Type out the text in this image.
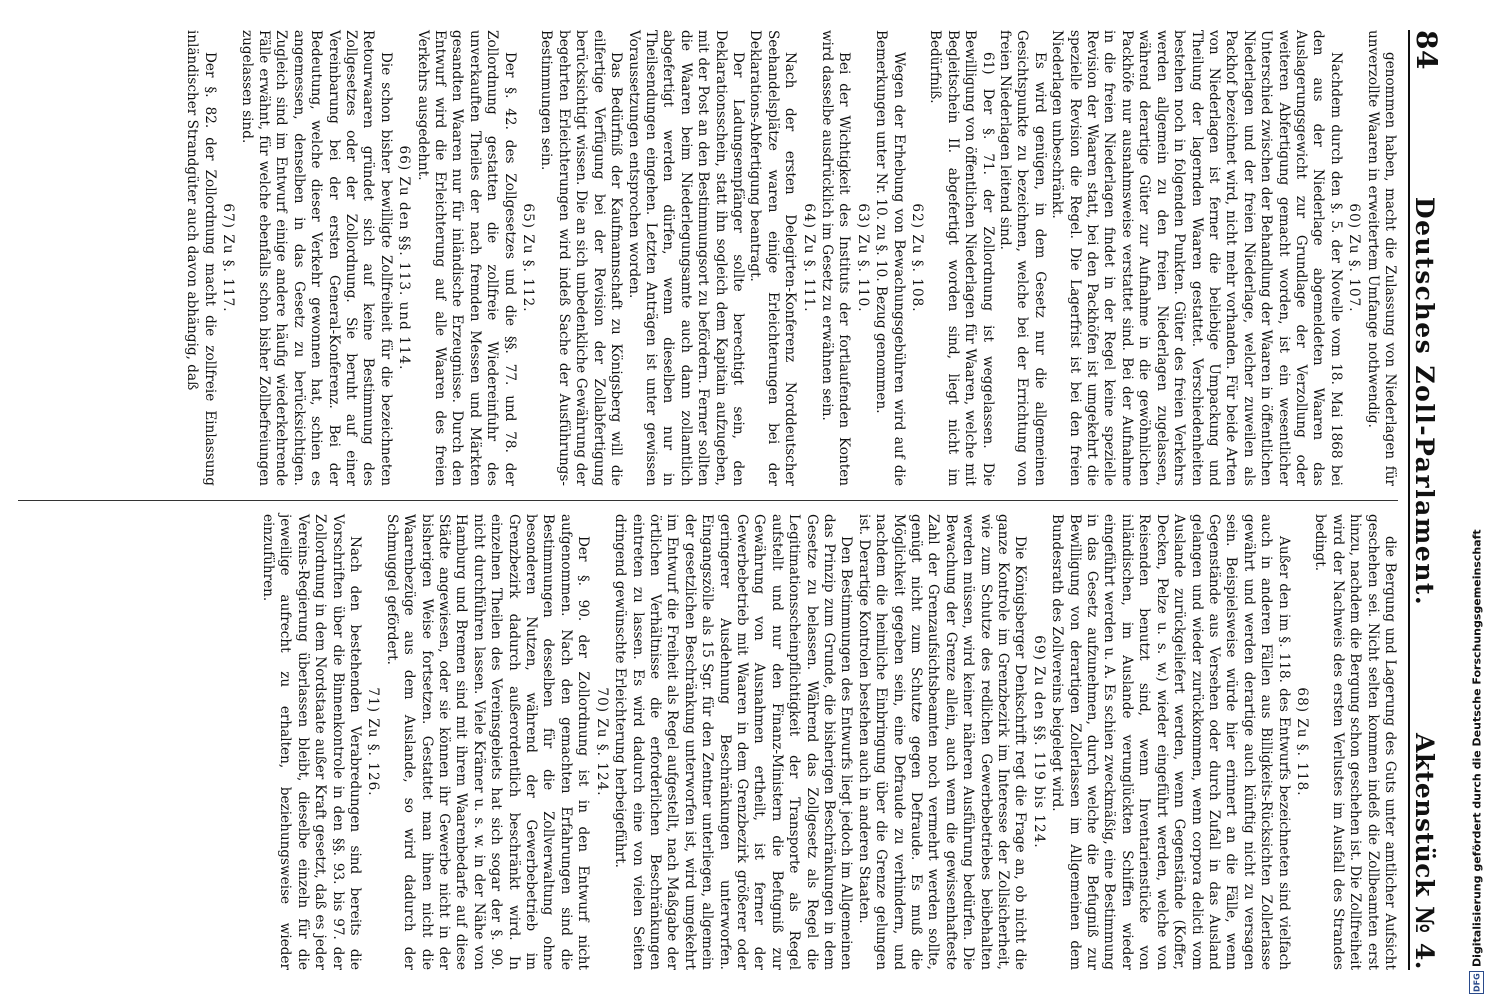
84
Deutsches Zoll-Parlament.
Aktenstück № 4.

genommen haben, macht die Zulassung von Niederlagen für unverzollte Waaren in erweitertem Umfange nothwendig.

60) Zu §. 107.

Nachdem durch den §. 5. der Novelle vom 18. Mai 1868 bei den aus der Niederlage abgemeldeten Waaren das Auslagerungsgewicht zur Grundlage der Verzollung oder weiteren Abfertigung gemacht worden, ist ein wesentlicher Unterschied zwischen der Behandlung der Waaren in öffentlichen Niederlagen und der freien Niederlage, welcher zuweilen als Packhof bezeichnet wird, nicht mehr vorhanden. Für beide Arten von Niederlagen ist ferner die beliebige Umpackung und Theilung der lagernden Waaren gestattet. Verschiedenheiten bestehen noch in folgenden Punkten. Güter des freien Verkehrs werden allgemein zu den freien Niederlagen zugelassen, während derartige Güter zur Aufnahme in die gewöhnlichen Packhöfe nur ausnahmsweise verstattet sind. Bei der Aufnahme in die freien Niederlagen findet in der Regel keine spezielle Revision der Waaren statt, bei den Packhöfen ist umgekehrt die spezielle Revision die Regel. Die Lagerfrist ist bei den freien Niederlagen unbeschränkt.

Es wird genügen, in dem Gesetz nur die allgemeinen Gesichtspunkte zu bezeichnen, welche bei der Errichtung von freien Niederlagen leitend sind.

61) Der §. 71. der Zollordnung ist weggelassen. Die Bewilligung von öffentlichen Niederlagen für Waaren, welche mit Begleitschein II. abgefertigt worden sind, liegt nicht im Bedürfniß.

62) Zu §. 108.

Wegen der Erhebung von Bewachungsgebühren wird auf die Bemerkungen unter Nr. 10. zu §. 10. Bezug genommen.

63) Zu §. 110.

Bei der Wichtigkeit des Instituts der fortlaufenden Konten wird dasselbe ausdrücklich im Gesetz zu erwähnen sein.

64) Zu §. 111.

Nach der ersten Delegirten-Konferenz Norddeutscher Seehandelsplätze waren einige Erleichterungen bei der Deklarations-Abfertigung beantragt.

Der Ladungsempfänger sollte berechtigt sein, den Deklarationsschein, statt ihn sogleich dem Kapitain aufzugeben, mit der Post an den Bestimmungsort zu befördern. Ferner sollten die Waaren beim Niederlegungsamte auch dann zollamtlich abgefertigt werden dürfen, wenn dieselben nur in Theilsendungen eingehen. Letzten Anträgen ist unter gewissen Voraussetzungen entsprochen worden.

Das Bedürfniß der Kaufmannschaft zu Königsberg will die eilfertige Verfügung bei der Revision der Zollabfertigung berücksichtigt wissen. Die an sich unbedenkliche Gewährung der begehrten Erleichterungen wird indeß Sache der Ausführungs-Bestimmungen sein.

65) Zu §. 112.

Der §. 42. des Zollgesetzes und die §§. 77. und 78. der Zollordnung gestatten die zollfreie Wiedereinfuhr des unverkauften Theiles der nach fremden Messen und Märkten gesandten Waaren nur für inländische Erzeugnisse. Durch den Entwurf wird die Erleichterung auf alle Waaren des freien Verkehrs ausgedehnt.

66) Zu den §§. 113. und 114.

Die schon bisher bewilligte Zollfreiheit für die bezeichneten Retourwaaren gründet sich auf keine Bestimmung des Zollgesetzes oder der Zollordnung. Sie beruht auf einer Vereinbarung bei der ersten General-Konferenz. Bei der Bedeutung, welche dieser Verkehr gewonnen hat, schien es angemessen, denselben in das Gesetz zu berücksichtigen. Zugleich sind im Entwurf einige andere häufig wiederkehrende Fälle erwähnt, für welche ebenfalls schon bisher Zollbefreiungen zugelassen sind.

67) Zu §. 117.

Der §. 82. der Zollordnung macht die zollfreie Einlassung inländischer Strandgüter auch davon abhängig, daß

die Bergung und Lagerung des Guts unter amtlicher Aufsicht geschehen sei. Nicht selten kommen indeß die Zollbeamten erst hinzu, nachdem die Bergung schon geschehen ist. Die Zollfreiheit wird der Nachweis des ersten Verlustes im Ausfall des Strandes bedingt.

68) Zu §. 118.

Außer den im §. 118. des Entwurfs bezeichneten sind vielfach auch in anderen Fällen aus Billigkeits-Rücksichten Zollerlasse gewährt und werden derartige auch künftig nicht zu versagen sein. Beispielsweise würde hier erinnert an die Fälle, wenn Gegenstände aus Versehen oder durch Zufall in das Ausland gelangen und wieder zurückkommen, wenn corpora delicti vom Auslande zurückgeliefert werden, wenn Gegenstände (Koffer, Decken, Pelze u. s. w.) wieder eingeführt werden, welche von Reisenden benutzt sind, wenn Inventarienstücke von inländischen, im Auslande verunglückten Schiffen wieder eingeführt werden u. A. Es schien zweckmäßig, eine Bestimmung in das Gesetz aufzunehmen, durch welche die Befugniß zur Bewilligung von derartigen Zollerlassen im Allgemeinen dem Bundesrath des Zollvereins beigelegt wird.

69) Zu den §§. 119 bis 124.

Die Königsberger Denkschrift regt die Frage an, ob nicht die ganze Kontrole im Grenzbezirk im Interesse der Zollsicherheit, wie zum Schutze des redlichen Gewerbebetriebes beibehalten werden müssen, wird keiner näheren Ausführung bedürfen. Die Bewachung der Grenze allein, auch wenn die gewissenhafteste Zahl der Grenzaufsichtsbeamten noch vermehrt werden sollte, genügt nicht zum Schutze gegen Defraude. Es muß die Möglichkeit gegeben sein, eine Defraude zu verhindern, und nachdem die heimliche Einbringung über die Grenze gelungen ist. Derartige Kontrolen bestehen auch in anderen Staaten.

Den Bestimmungen des Entwurfs liegt jedoch im Allgemeinen das Prinzip zum Grunde, die bisherigen Beschränkungen in dem Gesetze zu belassen. Während das Zollgesetz als Regel die Legitimationsscheinpflichtigkeit der Transporte als Regel aufstellt und nur den Finanz-Ministern die Befugniß zur Gewährung von Ausnahmen ertheilt, ist ferner der Gewerbebetrieb mit Waaren in dem Grenzbezirk größerer oder geringerer Ausdehnung Beschränkungen unterworfen. Eingangszölle als 15 Sgr. für den Zentner unterliegen, allgemein der gesetzlichen Beschränkung unterworfen ist, wird umgekehrt im Entwurf die Freiheit als Regel aufgestellt, nach Maßgabe der örtlichen Verhältnisse die erforderlichen Beschränkungen eintreten zu lassen. Es wird dadurch eine von vielen Seiten dringend gewünschte Erleichterung herbeigeführt.

70) Zu §. 124.

Der §. 90. der Zollordnung ist in den Entwurf nicht aufgenommen. Nach den gemachten Erfahrungen sind die Bestimmungen desselben für die Zollverwaltung ohne besonderen Nutzen, während der Gewerbebetrieb im Grenzbezirk dadurch außerordentlich beschränkt wird. In einzelnen Theilen des Vereinsgebiets hat sich sogar der §. 90. nicht durchführen lassen. Viele Krämer u. s. w. in der Nähe von Hamburg und Bremen sind mit ihrem Waarenbedarfe auf diese Städte angewiesen, oder sie können ihr Gewerbe nicht in der bisherigen Weise fortsetzen. Gestattet man ihnen nicht die Waarenbezüge aus dem Auslande, so wird dadurch der Schmuggel gefördert.

71) Zu §. 126.

Nach den bestehenden Verabredungen sind bereits die Vorschriften über die Binnenkontrole in den §§. 93. bis 97. der Zollordnung in dem Nordstaate außer Kraft gesetzt, daß es jeder Vereins-Regierung überlassen bleibt, dieselbe einzeln für die jeweilige aufrecht zu erhalten, beziehungsweise wieder einzuführen.

DFG
Digitalisierung gefördert durch die Deutsche Forschungsgemeinschaft
